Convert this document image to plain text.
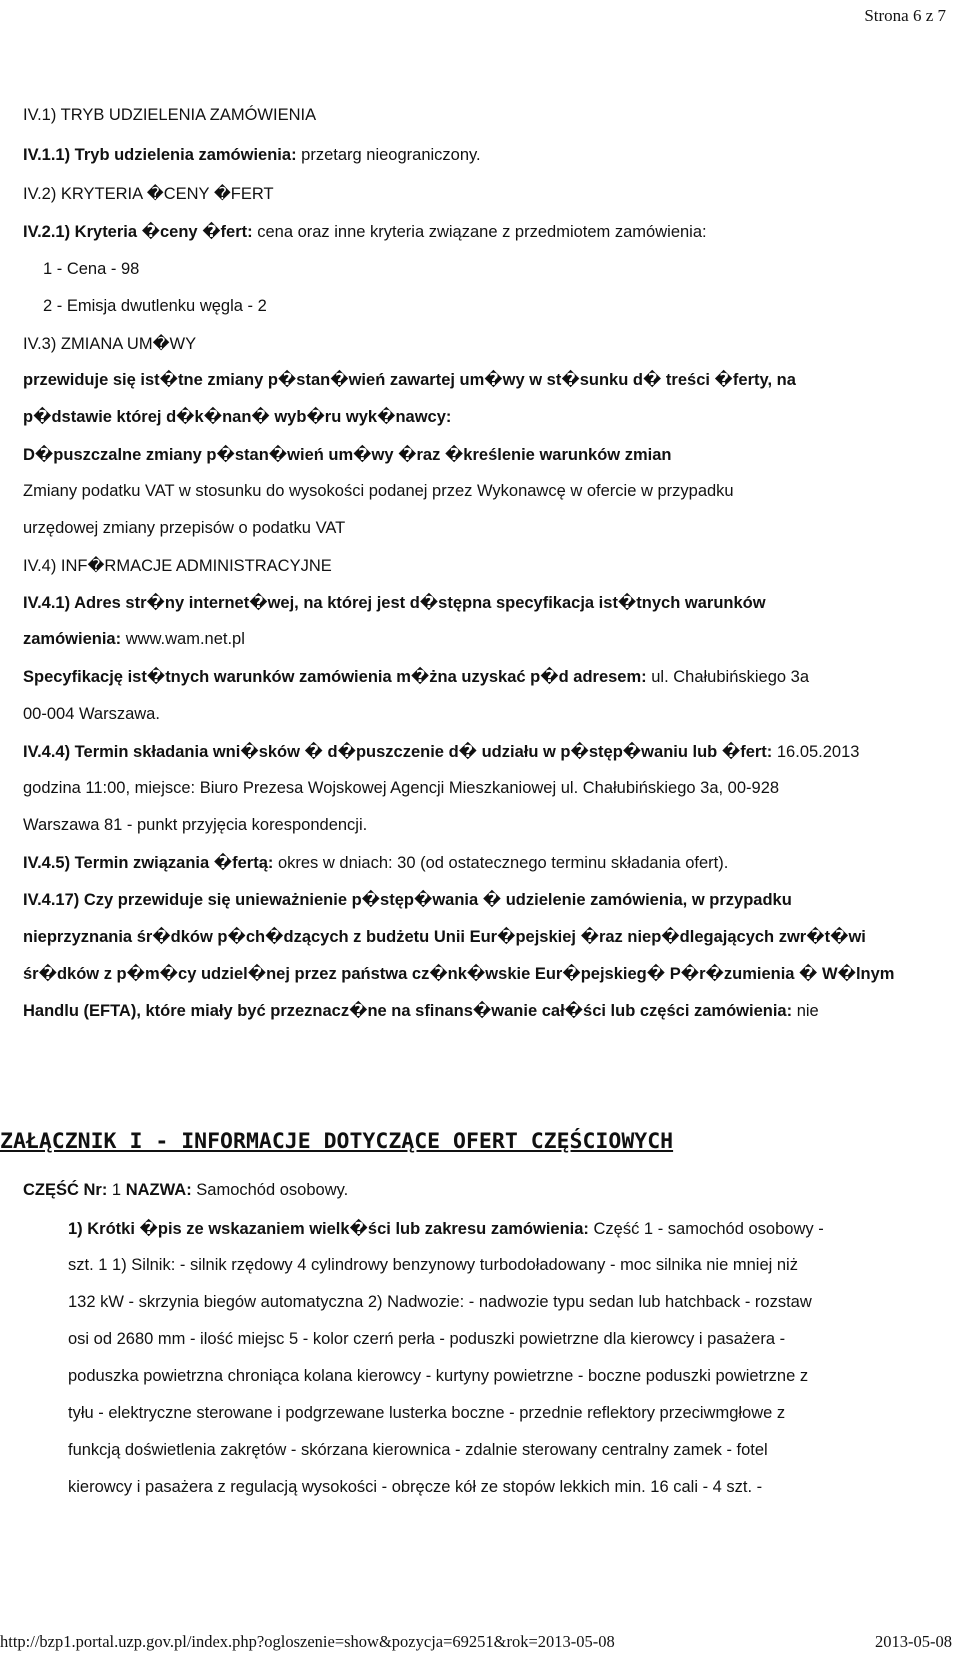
Strona 6 z 7
IV.1) TRYB UDZIELENIA ZAMÓWIENIA
IV.1.1) Tryb udzielenia zamówienia: przetarg nieograniczony.
IV.2) KRYTERIA �CENY �FERT
IV.2.1) Kryteria �ceny �fert: cena oraz inne kryteria związane z przedmiotem zamówienia:
1 - Cena - 98
2 - Emisja dwutlenku węgla - 2
IV.3) ZMIANA UM�WY
przewiduje się ist�tne zmiany p�stan�wień zawartej um�wy w st�sunku d� treści �ferty, na
p�dstawie której d�k�nan� wyb�ru wyk�nawcy:
D�puszczalne zmiany p�stan�wień um�wy �raz �kreślenie warunków zmian
Zmiany podatku VAT w stosunku do wysokości podanej przez Wykonawcę w ofercie w przypadku
urzędowej zmiany przepisów o podatku VAT
IV.4) INF�RMACJE ADMINISTRACYJNE
IV.4.1) Adres str�ny internet�wej, na której jest d�stępna specyfikacja ist�tnych warunków
zamówienia: www.wam.net.pl
Specyfikację ist�tnych warunków zamówienia m�żna uzyskać p�d adresem: ul. Chałubińskiego 3a
00-004 Warszawa.
IV.4.4) Termin składania wni�sków � d�puszczenie d� udziału w p�stęp�waniu lub �fert: 16.05.2013
godzina 11:00, miejsce: Biuro Prezesa Wojskowej Agencji Mieszkaniowej ul. Chałubińskiego 3a, 00-928
Warszawa 81 - punkt przyjęcia korespondencji.
IV.4.5) Termin związania �fertą: okres w dniach: 30 (od ostatecznego terminu składania ofert).
IV.4.17) Czy przewiduje się unieważnienie p�stęp�wania � udzielenie zamówienia, w przypadku
nieprzyznania śr�dków p�ch�dzących z budżetu Unii Eur�pejskiej �raz niep�dlegających zwr�t�wi
śr�dków z p�m�cy udziel�nej przez państwa cz�nk�wskie Eur�pejskieg� P�r�zumienia � W�lnym
Handlu (EFTA), które miały być przeznacz�ne na sfinans�wanie cał�ści lub części zamówienia: nie
ZAŁĄCZNIK I - INFORMACJE DOTYCZĄCE OFERT CZĘŚCIOWYCH
CZĘŚĆ Nr: 1 NAZWA: Samochód osobowy.
1) Krótki �pis ze wskazaniem wielk�ści lub zakresu zamówienia: Część 1 - samochód osobowy -
szt. 1 1) Silnik: - silnik rzędowy 4 cylindrowy benzynowy turbodoładowany - moc silnika nie mniej niż
132 kW - skrzynia biegów automatyczna 2) Nadwozie: - nadwozie typu sedan lub hatchback - rozstaw
osi od 2680 mm - ilość miejsc 5 - kolor czerń perła - poduszki powietrzne dla kierowcy i pasażera -
poduszka powietrzna chroniąca kolana kierowcy - kurtyny powietrzne - boczne poduszki powietrzne z
tyłu - elektryczne sterowane i podgrzewane lusterka boczne - przednie reflektory przeciwmgłowe z
funkcją doświetlenia zakrętów - skórzana kierownica - zdalnie sterowany centralny zamek - fotel
kierowcy i pasażera z regulacją wysokości - obręcze kół ze stopów lekkich min. 16 cali - 4 szt. -
http://bzp1.portal.uzp.gov.pl/index.php?ogloszenie=show&pozycja=69251&rok=2013-05-08	2013-05-08
